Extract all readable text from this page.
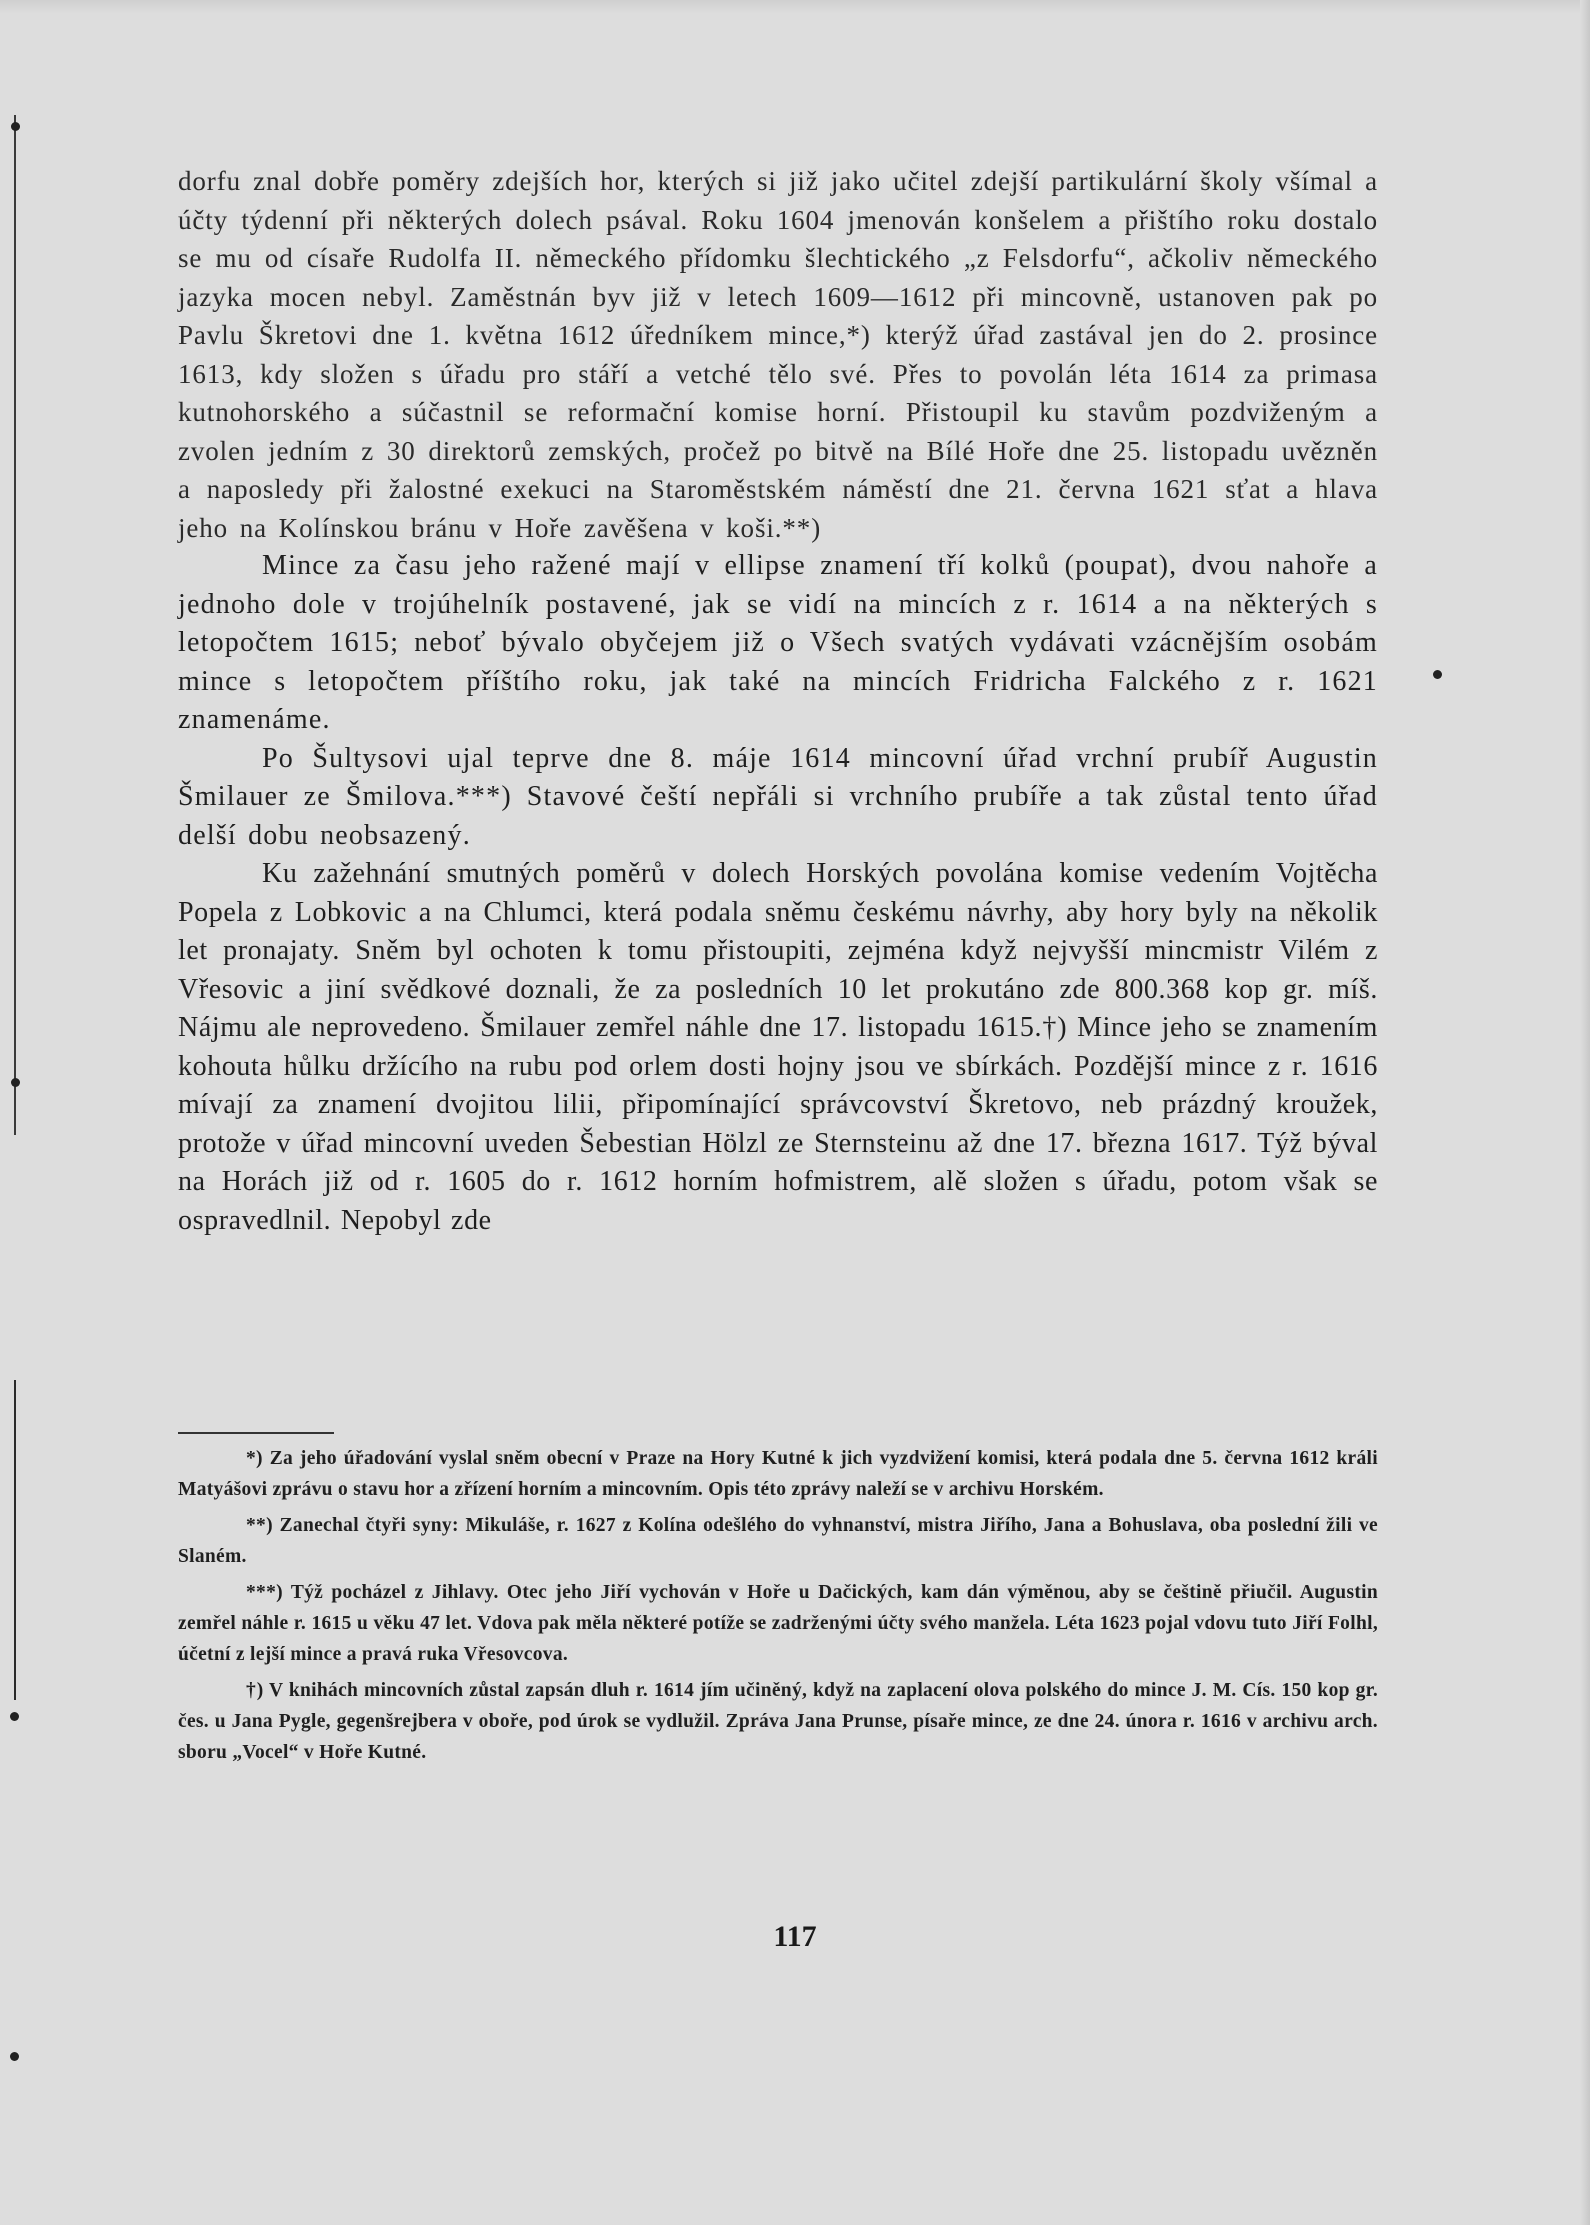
dorfu znal dobře poměry zdejších hor, kterých si již jako učitel zdejší partikulární školy všímal a účty týdenní při některých dolech psával. Roku 1604 jmenován konšelem a přištího roku dostalo se mu od císaře Rudolfa II. německého přídomku šlechtického „z Felsdorfu“, ačkoliv německého jazyka mocen nebyl. Zaměstnán byv již v letech 1609—1612 při mincovně, ustanoven pak po Pavlu Škretovi dne 1. května 1612 úředníkem mince,*) kterýž úřad zastával jen do 2. prosince 1613, kdy složen s úřadu pro stáří a vetché tělo své. Přes to povolán léta 1614 za primasa kutnohorského a súčastnil se reformační komise horní. Přistoupil ku stavům pozdviženým a zvolen jedním z 30 direktorů zemských, pročež po bitvě na Bílé Hoře dne 25. listopadu uvězněn a naposledy při žalostné exekuci na Staroměstském náměstí dne 21. června 1621 sťat a hlava jeho na Kolínskou bránu v Hoře zavěšena v koši.**)

Mince za času jeho ražené mají v ellipse znamení tří kolků (poupat), dvou nahoře a jednoho dole v trojúhelník postavené, jak se vidí na mincích z r. 1614 a na některých s letopočtem 1615; neboť bývalo obyčejem již o Všech svatých vydávati vzácnějším osobám mince s letopočtem příštího roku, jak také na mincích Fridricha Falckého z r. 1621 znamenáme.

Po Šultysovi ujal teprve dne 8. máje 1614 mincovní úřad vrchní prubíř Augustin Šmilauer ze Šmilova.***) Stavové čeští nepřáli si vrchního prubíře a tak zůstal tento úřad delší dobu neobsazený.

Ku zažehnání smutných poměrů v dolech Horských povolána komise vedením Vojtěcha Popela z Lobkovic a na Chlumci, která podala sněmu českému návrhy, aby hory byly na několik let pronajaty. Sněm byl ochoten k tomu přistoupiti, zejména když nejvyšší mincmistr Vilém z Vřesovic a jiní svědkové doznali, že za posledních 10 let prokutáno zde 800.368 kop gr. míš. Nájmu ale neprovedeno. Šmilauer zemřel náhle dne 17. listopadu 1615.†) Mince jeho se znamením kohouta hůlku držícího na rubu pod orlem dosti hojny jsou ve sbírkách. Pozdější mince z r. 1616 mívají za znamení dvojitou lilii, připomínající správcovství Škretovo, neb prázdný kroužek, protože v úřad mincovní uveden Šebestian Hölzl ze Sternsteinu až dne 17. března 1617. Týž býval na Horách již od r. 1605 do r. 1612 horním hofmistrem, alě složen s úřadu, potom však se ospravedlnil. Nepobyl zde

*) Za jeho úřadování vyslal sněm obecní v Praze na Hory Kutné k jich vyzdvižení komisi, která podala dne 5. června 1612 králi Matyášovi zprávu o stavu hor a zřízení horním a mincovním. Opis této zprávy naleží se v archivu Horském.

**) Zanechal čtyři syny: Mikuláše, r. 1627 z Kolína odešlého do vyhnanství, mistra Jiřího, Jana a Bohuslava, oba poslední žili ve Slaném.

***) Týž pocházel z Jihlavy. Otec jeho Jiří vychován v Hoře u Dačických, kam dán výměnou, aby se češtině přiučil. Augustin zemřel náhle r. 1615 u věku 47 let. Vdova pak měla některé potíže se zadrženými účty svého manžela. Léta 1623 pojal vdovu tuto Jiří Folhl, účetní z lejší mince a pravá ruka Vřesovcova.

†) V knihách mincovních zůstal zapsán dluh r. 1614 jím učiněný, když na zaplacení olova polského do mince J. M. Cís. 150 kop gr. čes. u Jana Pygle, gegenšrejbera v oboře, pod úrok se vydlužil. Zpráva Jana Prunse, písaře mince, ze dne 24. února r. 1616 v archivu arch. sboru „Vocel“ v Hoře Kutné.

117
